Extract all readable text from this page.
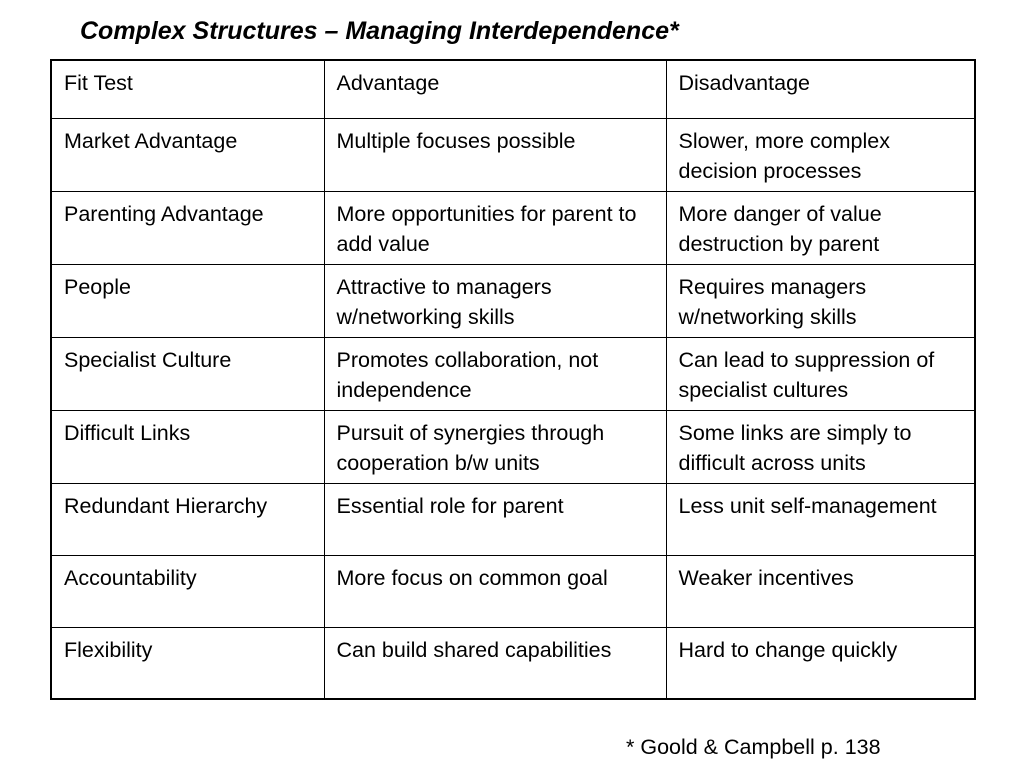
Complex Structures – Managing Interdependence*
Fit Test	Advantage	Disadvantage
Market Advantage	Multiple focuses possible	Slower, more complex decision processes
Parenting Advantage	More opportunities for parent to add value	More danger of value destruction by parent
People	Attractive to managers w/networking skills	Requires managers w/networking skills
Specialist Culture	Promotes collaboration, not independence	Can lead to suppression of specialist cultures
Difficult Links	Pursuit of synergies through cooperation b/w units	Some links are simply to difficult across units
Redundant Hierarchy	Essential role for parent	Less unit self-management
Accountability	More focus on common goal	Weaker incentives
Flexibility	Can build shared capabilities	Hard to change quickly
* Goold & Campbell p. 138
